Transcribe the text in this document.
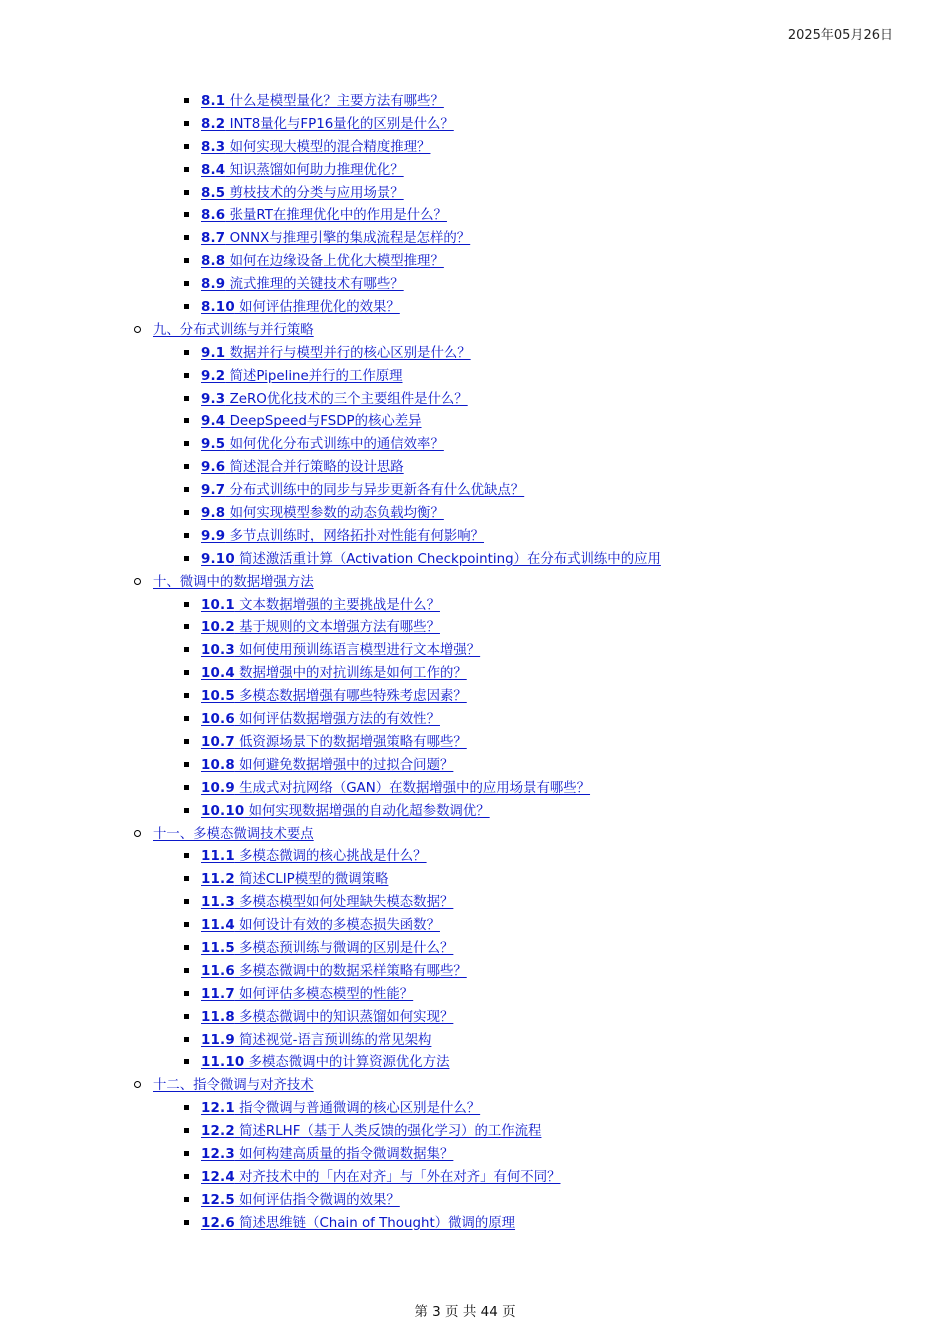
2025年05月26日
8.1 什么是模型量化？主要方法有哪些？
8.2 INT8量化与FP16量化的区别是什么？
8.3 如何实现大模型的混合精度推理？
8.4 知识蒸馏如何助力推理优化？
8.5 剪枝技术的分类与应用场景？
8.6 张量RT在推理优化中的作用是什么？
8.7 ONNX与推理引擎的集成流程是怎样的？
8.8 如何在边缘设备上优化大模型推理？
8.9 流式推理的关键技术有哪些？
8.10 如何评估推理优化的效果？
九、分布式训练与并行策略
9.1 数据并行与模型并行的核心区别是什么？
9.2 简述Pipeline并行的工作原理
9.3 ZeRO优化技术的三个主要组件是什么？
9.4 DeepSpeed与FSDP的核心差异
9.5 如何优化分布式训练中的通信效率？
9.6 简述混合并行策略的设计思路
9.7 分布式训练中的同步与异步更新各有什么优缺点？
9.8 如何实现模型参数的动态负载均衡？
9.9 多节点训练时，网络拓扑对性能有何影响？
9.10 简述激活重计算（Activation Checkpointing）在分布式训练中的应用
十、微调中的数据增强方法
10.1 文本数据增强的主要挑战是什么？
10.2 基于规则的文本增强方法有哪些？
10.3 如何使用预训练语言模型进行文本增强？
10.4 数据增强中的对抗训练是如何工作的？
10.5 多模态数据增强有哪些特殊考虑因素？
10.6 如何评估数据增强方法的有效性？
10.7 低资源场景下的数据增强策略有哪些？
10.8 如何避免数据增强中的过拟合问题？
10.9 生成式对抗网络（GAN）在数据增强中的应用场景有哪些？
10.10 如何实现数据增强的自动化超参数调优？
十一、多模态微调技术要点
11.1 多模态微调的核心挑战是什么？
11.2 简述CLIP模型的微调策略
11.3 多模态模型如何处理缺失模态数据？
11.4 如何设计有效的多模态损失函数？
11.5 多模态预训练与微调的区别是什么？
11.6 多模态微调中的数据采样策略有哪些？
11.7 如何评估多模态模型的性能？
11.8 多模态微调中的知识蒸馏如何实现？
11.9 简述视觉-语言预训练的常见架构
11.10 多模态微调中的计算资源优化方法
十二、指令微调与对齐技术
12.1 指令微调与普通微调的核心区别是什么？
12.2 简述RLHF（基于人类反馈的强化学习）的工作流程
12.3 如何构建高质量的指令微调数据集？
12.4 对齐技术中的「内在对齐」与「外在对齐」有何不同？
12.5 如何评估指令微调的效果？
12.6 简述思维链（Chain of Thought）微调的原理
第 3 页 共 44 页
